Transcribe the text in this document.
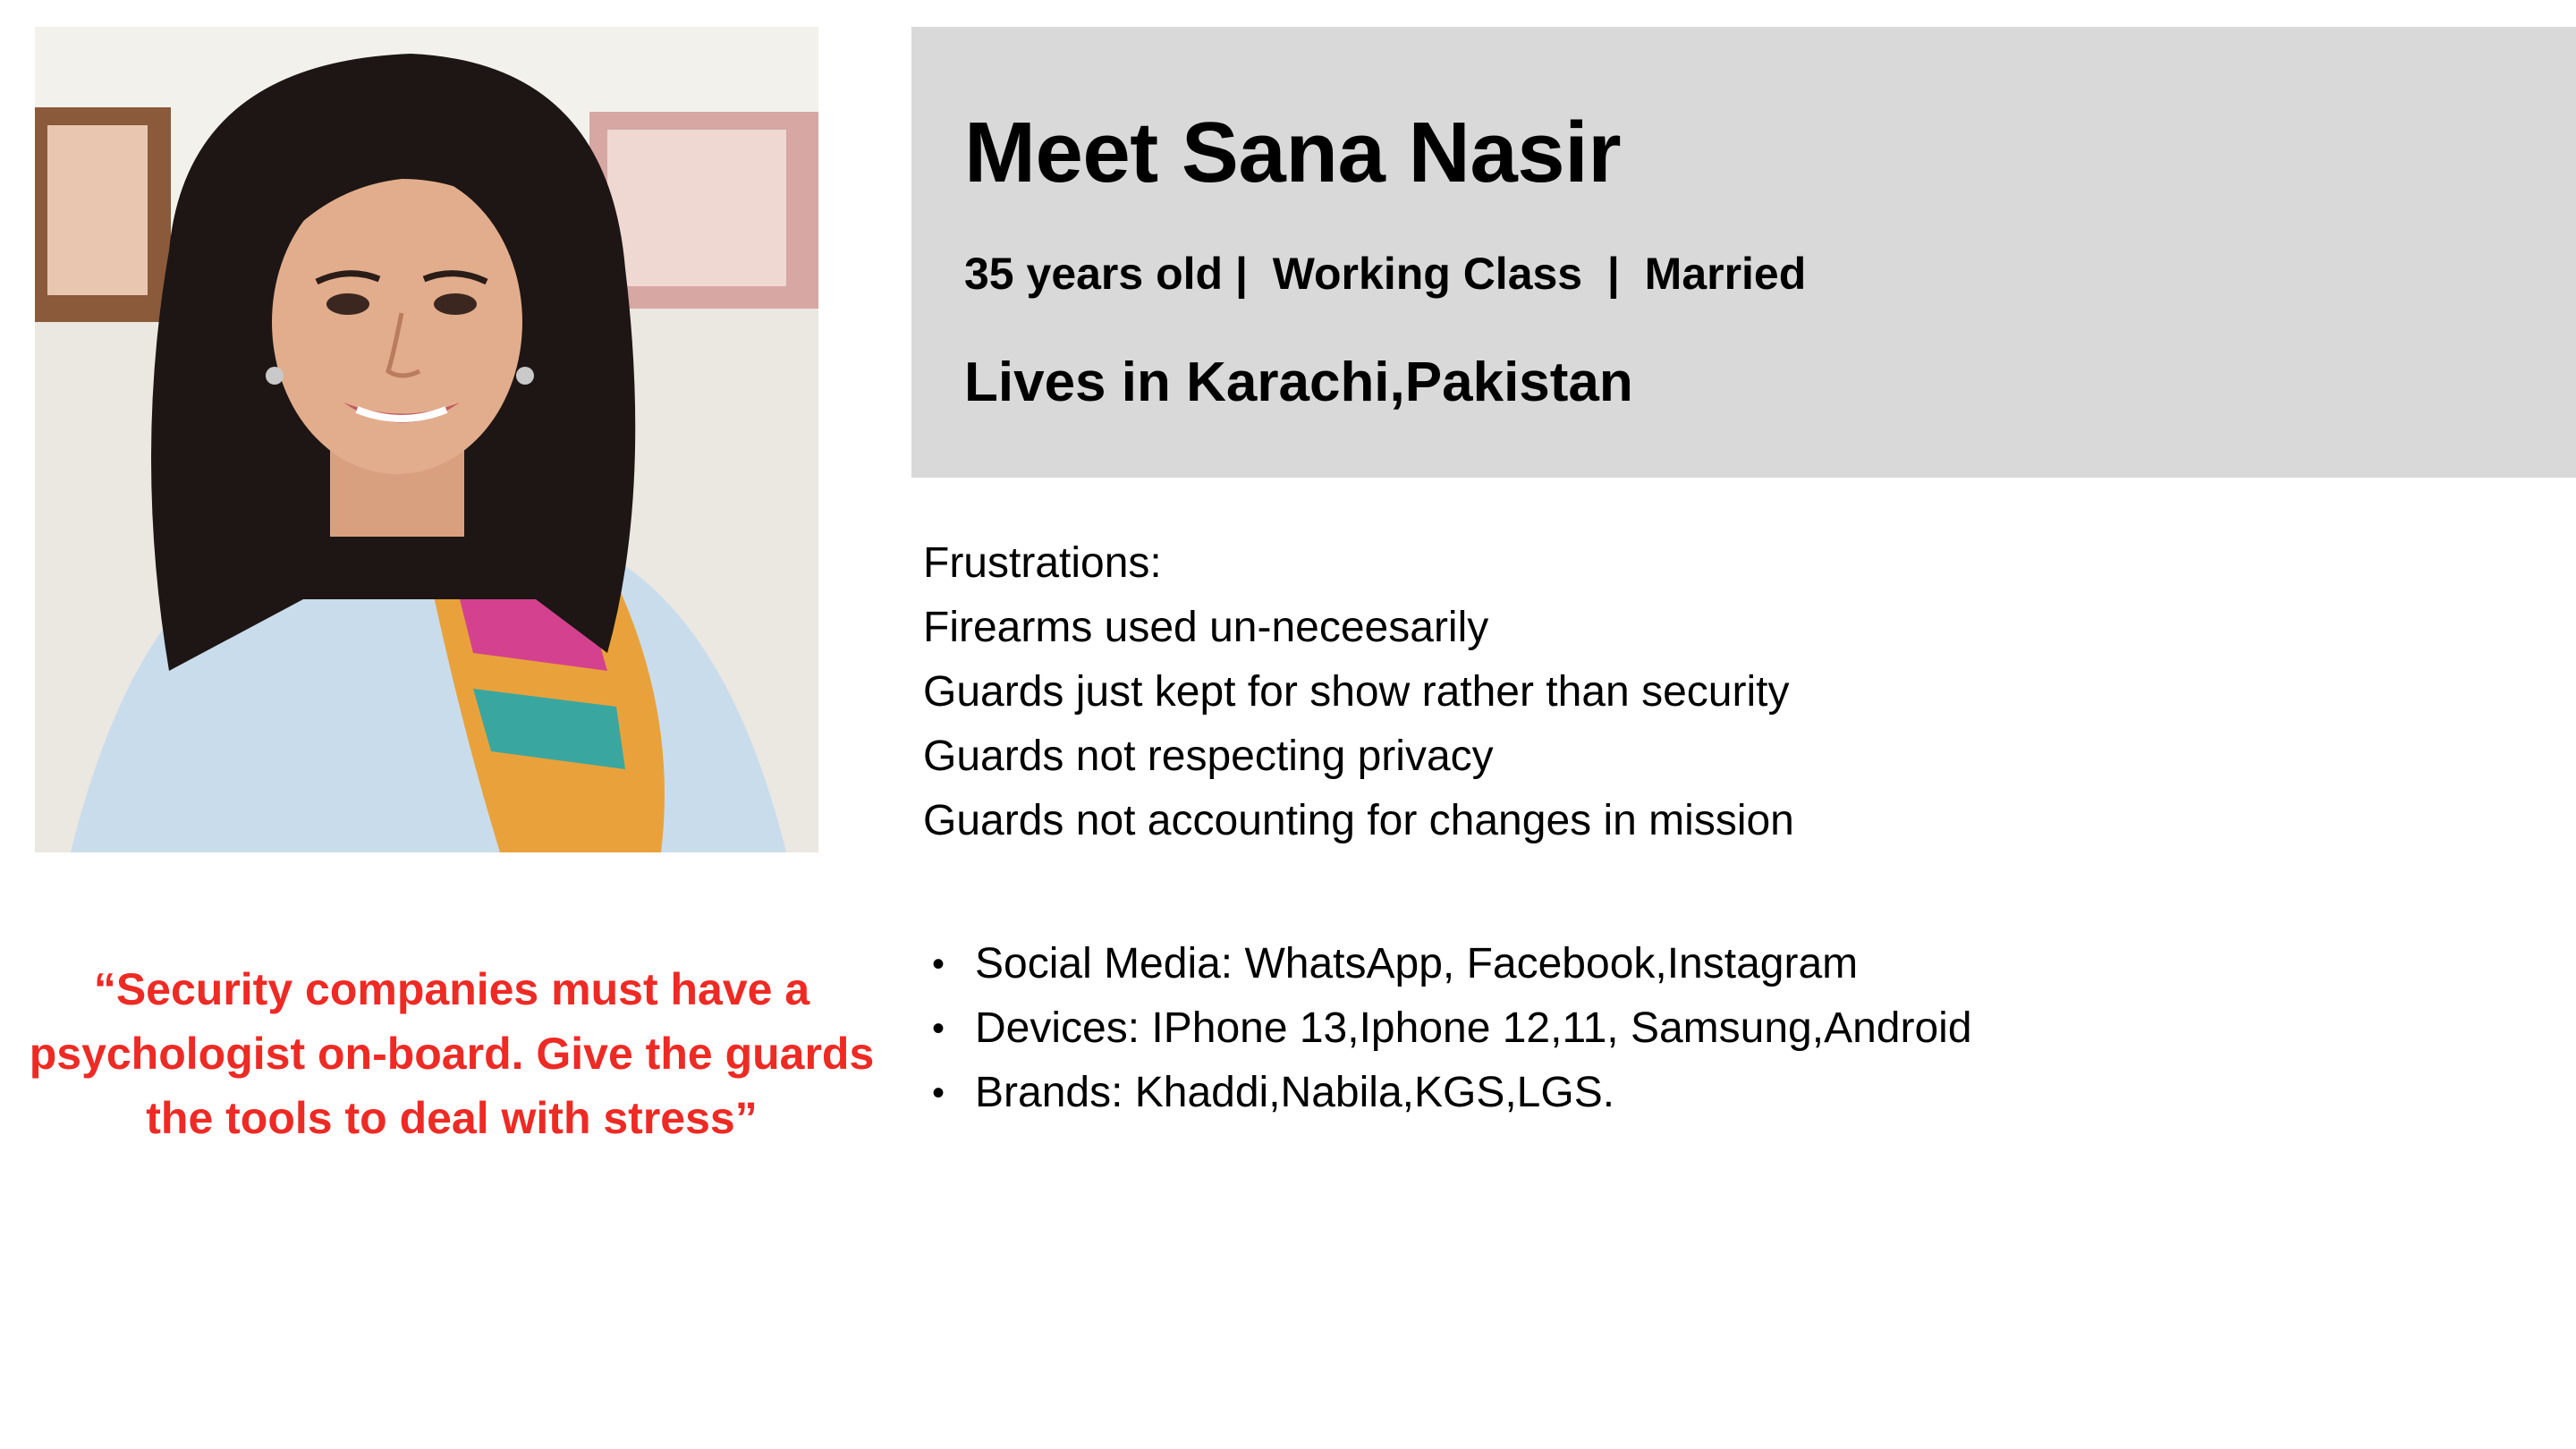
Meet Sana Nasir
35 years old |  Working Class  |  Married
Lives in Karachi,Pakistan
Frustrations:
Firearms used un-neceesarily
Guards just kept for show rather than security
Guards not respecting privacy
Guards not accounting for changes in mission
• Social Media: WhatsApp, Facebook,Instagram
• Devices: IPhone 13,Iphone 12,11, Samsung,Android
• Brands: Khaddi,Nabila,KGS,LGS.

“Security companies must have a psychologist on-board. Give the guards the tools to deal with stress”
